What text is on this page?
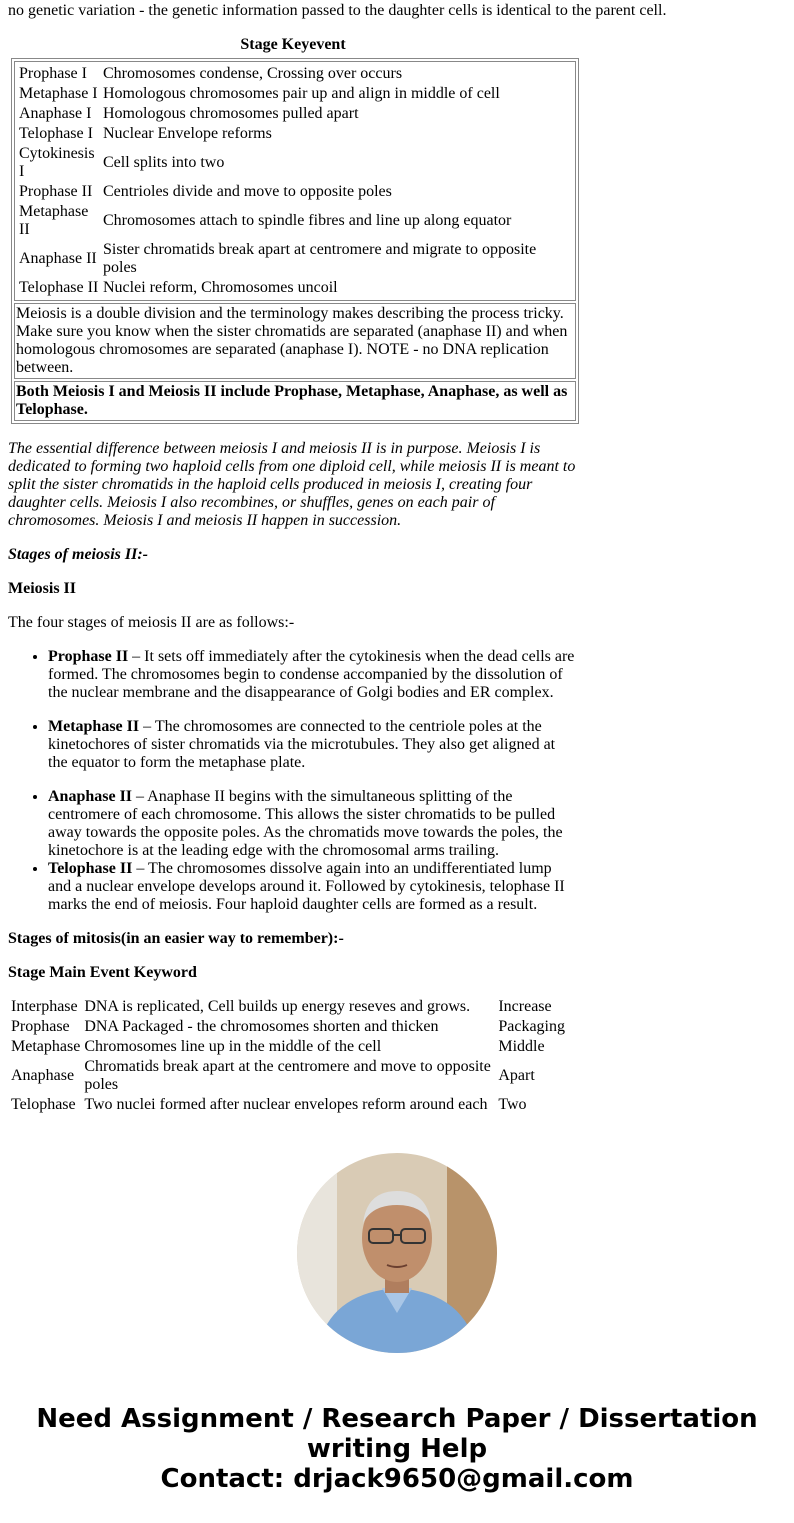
no genetic variation - the genetic information passed to the daughter cells is identical to the parent cell.

Stage Keyevent
Prophase I	Chromosomes condense, Crossing over occurs
Metaphase I	Homologous chromosomes pair up and align in middle of cell
Anaphase I	Homologous chromosomes pulled apart
Telophase I	Nuclear Envelope reforms
Cytokinesis I	Cell splits into two
Prophase II	Centrioles divide and move to opposite poles
Metaphase II	Chromosomes attach to spindle fibres and line up along equator
Anaphase II	Sister chromatids break apart at centromere and migrate to opposite poles
Telophase II	Nuclei reform, Chromosomes uncoil

Meiosis is a double division and the terminology makes describing the process tricky. Make sure you know when the sister chromatids are separated (anaphase II) and when homologous chromosomes are separated (anaphase I). NOTE - no DNA replication between.
Both Meiosis I and Meiosis II include Prophase, Metaphase, Anaphase, as well as Telophase.

The essential difference between meiosis I and meiosis II is in purpose. Meiosis I is dedicated to forming two haploid cells from one diploid cell, while meiosis II is meant to split the sister chromatids in the haploid cells produced in meiosis I, creating four daughter cells. Meiosis I also recombines, or shuffles, genes on each pair of chromosomes. Meiosis I and meiosis II happen in succession.

Stages of meiosis II:-

Meiosis II

The four stages of meiosis II are as follows:-

• Prophase II – It sets off immediately after the cytokinesis when the dead cells are formed. The chromosomes begin to condense accompanied by the dissolution of the nuclear membrane and the disappearance of Golgi bodies and ER complex.
• Metaphase II – The chromosomes are connected to the centriole poles at the kinetochores of sister chromatids via the microtubules. They also get aligned at the equator to form the metaphase plate.
• Anaphase II – Anaphase II begins with the simultaneous splitting of the centromere of each chromosome. This allows the sister chromatids to be pulled away towards the opposite poles. As the chromatids move towards the poles, the kinetochore is at the leading edge with the chromosomal arms trailing.
• Telophase II – The chromosomes dissolve again into an undifferentiated lump and a nuclear envelope develops around it. Followed by cytokinesis, telophase II marks the end of meiosis. Four haploid daughter cells are formed as a result.

Stages of mitosis(in an easier way to remember):-

Stage Main Event Keyword

Interphase	DNA is replicated, Cell builds up energy reseves and grows.	Increase
Prophase	DNA Packaged - the chromosomes shorten and thicken	Packaging
Metaphase	Chromosomes line up in the middle of the cell	Middle
Anaphase	Chromatids break apart at the centromere and move to opposite poles	Apart
Telophase	Two nuclei formed after nuclear envelopes reform around each	Two
Need Assignment / Research Paper / Dissertation writing Help
Contact: drjack9650@gmail.com
